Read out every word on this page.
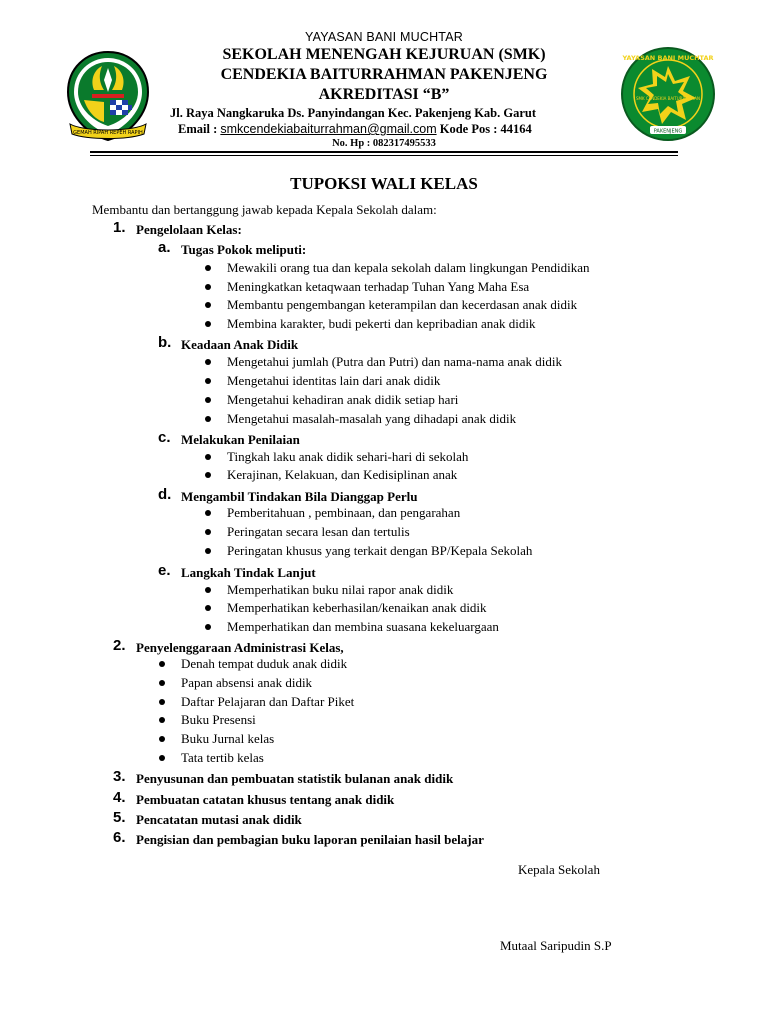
GEMAH RIPAH REPEH RAPIH
YAYASAN BANI MUCHTAR
SMK CENDEKIA BAITURRAHMAN
PAKENJENG
YAYASAN BANI MUCHTAR
SEKOLAH MENENGAH KEJURUAN (SMK)
CENDEKIA BAITURRAHMAN PAKENJENG
AKREDITASI “B”
Jl. Raya Nangkaruka Ds. Panyindangan Kec. Pakenjeng Kab. Garut
Email : smkcendekiabaiturrahman@gmail.com Kode Pos : 44164
No. Hp : 082317495533
TUPOKSI WALI KELAS
Membantu dan bertanggung jawab kepada Kepala Sekolah dalam:
1. Pengelolaan Kelas:
a. Tugas Pokok meliputi:
Mewakili orang tua dan kepala sekolah dalam lingkungan Pendidikan
Meningkatkan ketaqwaan terhadap Tuhan Yang Maha Esa
Membantu pengembangan keterampilan dan kecerdasan anak didik
Membina karakter, budi pekerti dan kepribadian anak didik
b. Keadaan Anak Didik
Mengetahui jumlah (Putra dan Putri) dan nama-nama anak didik
Mengetahui identitas lain dari anak didik
Mengetahui kehadiran anak didik setiap hari
Mengetahui masalah-masalah yang dihadapi anak didik
c. Melakukan Penilaian
Tingkah laku anak didik sehari-hari di sekolah
Kerajinan, Kelakuan, dan Kedisiplinan anak
d. Mengambil Tindakan Bila Dianggap Perlu
Pemberitahuan , pembinaan, dan pengarahan
Peringatan secara lesan dan tertulis
Peringatan khusus yang terkait dengan BP/Kepala Sekolah
e. Langkah Tindak Lanjut
Memperhatikan buku nilai rapor anak didik
Memperhatikan keberhasilan/kenaikan anak didik
Memperhatikan dan membina suasana kekeluargaan
2. Penyelenggaraan Administrasi Kelas,
Denah tempat duduk anak didik
Papan absensi anak didik
Daftar Pelajaran dan Daftar Piket
Buku Presensi
Buku Jurnal kelas
Tata tertib kelas
3. Penyusunan dan pembuatan statistik bulanan anak didik
4. Pembuatan catatan khusus tentang anak didik
5. Pencatatan mutasi anak didik
6. Pengisian dan pembagian buku laporan penilaian hasil belajar
Kepala Sekolah
Mutaal Saripudin S.P
